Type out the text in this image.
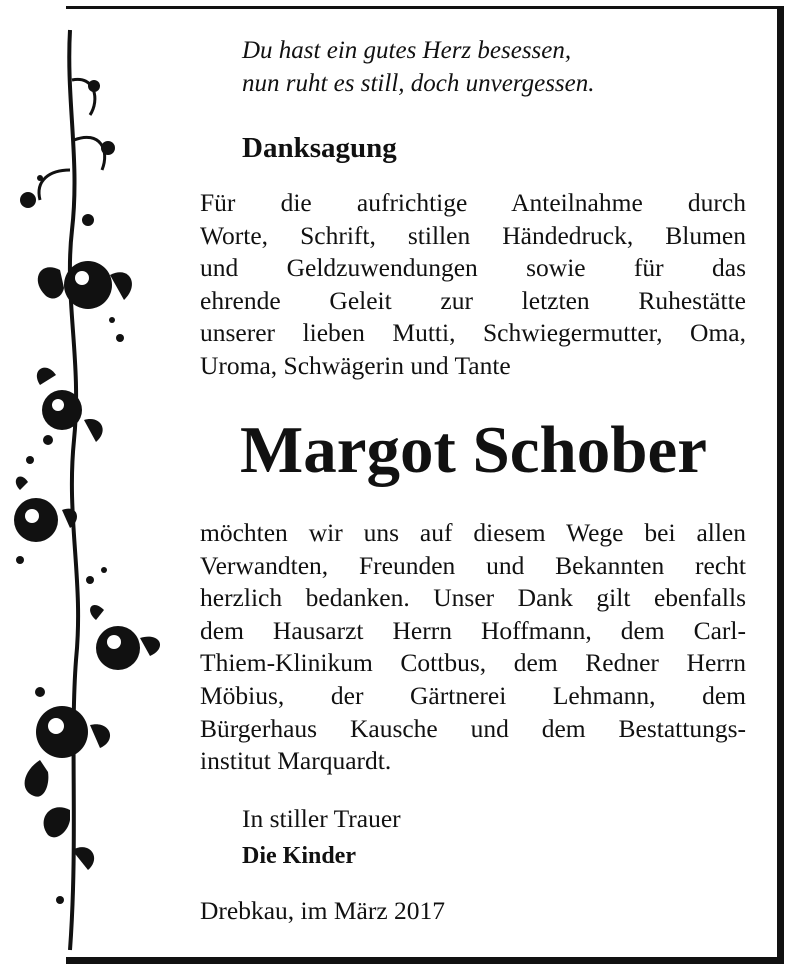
Du hast ein gutes Herz besessen,
nun ruht es still, doch unvergessen.
Danksagung
Für die aufrichtige Anteilnahme durch
Worte, Schrift, stillen Händedruck, Blumen
und Geldzuwendungen sowie für das
ehrende Geleit zur letzten Ruhestätte
unserer lieben Mutti, Schwiegermutter, Oma,
Uroma, Schwägerin und Tante
Margot Schober
möchten wir uns auf diesem Wege bei allen
Verwandten, Freunden und Bekannten recht
herzlich bedanken. Unser Dank gilt ebenfalls
dem Hausarzt Herrn Hoffmann, dem Carl-
Thiem-Klinikum Cottbus, dem Redner Herrn
Möbius, der Gärtnerei Lehmann, dem
Bürgerhaus Kausche und dem Bestattungs-
institut Marquardt.
In stiller Trauer
Die Kinder
Drebkau, im März 2017
